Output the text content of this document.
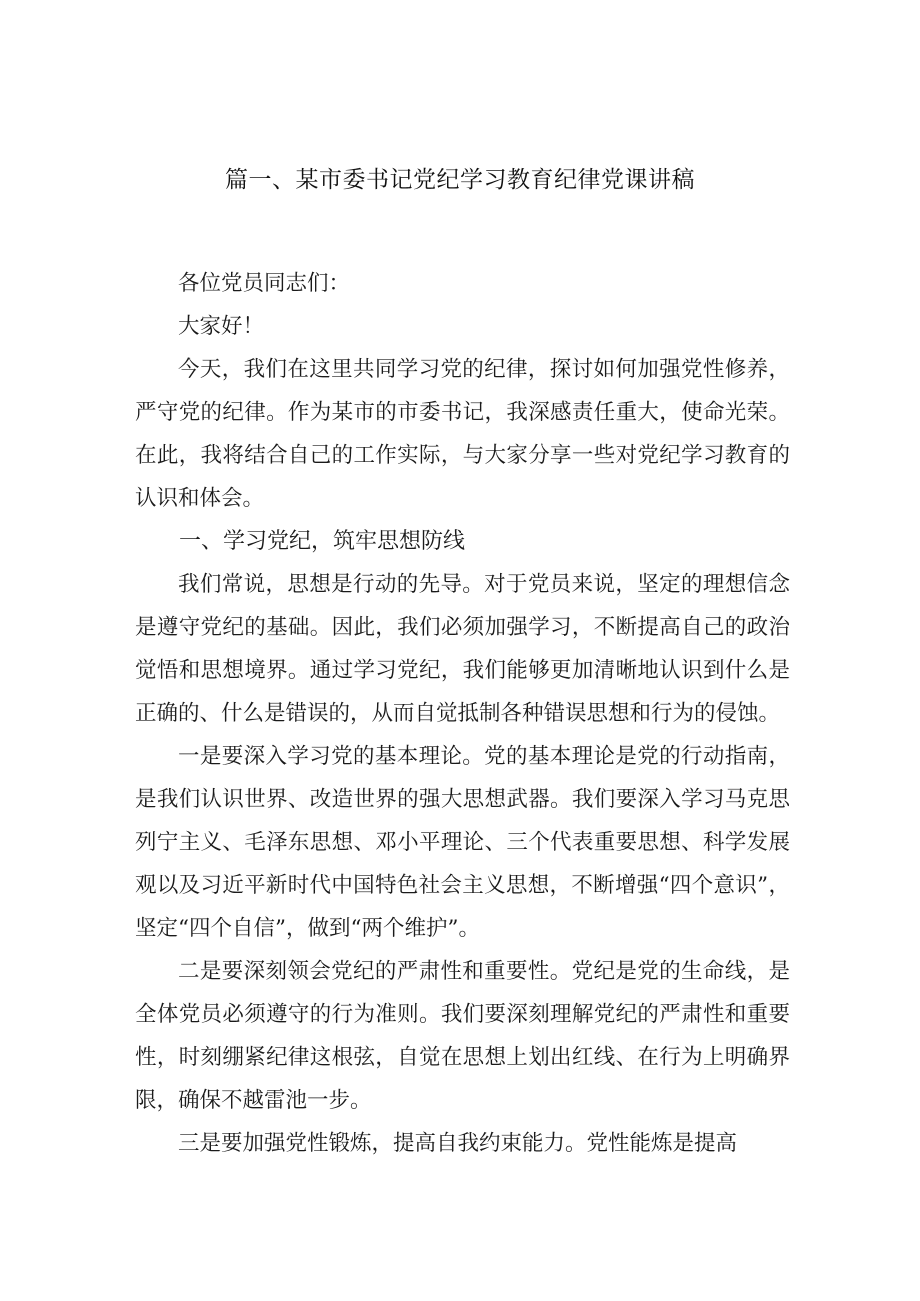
篇一、某市委书记党纪学习教育纪律党课讲稿

各位党员同志们：

大家好！

今天，我们在这里共同学习党的纪律，探讨如何加强党性修养，严守党的纪律。作为某市的市委书记，我深感责任重大，使命光荣。在此，我将结合自己的工作实际，与大家分享一些对党纪学习教育的认识和体会。

一、学习党纪，筑牢思想防线

我们常说，思想是行动的先导。对于党员来说，坚定的理想信念是遵守党纪的基础。因此，我们必须加强学习，不断提高自己的政治觉悟和思想境界。通过学习党纪，我们能够更加清晰地认识到什么是正确的、什么是错误的，从而自觉抵制各种错误思想和行为的侵蚀。

一是要深入学习党的基本理论。党的基本理论是党的行动指南，是我们认识世界、改造世界的强大思想武器。我们要深入学习马克思列宁主义、毛泽东思想、邓小平理论、三个代表重要思想、科学发展观以及习近平新时代中国特色社会主义思想，不断增强“四个意识”，坚定“四个自信”，做到“两个维护”。

二是要深刻领会党纪的严肃性和重要性。党纪是党的生命线，是全体党员必须遵守的行为准则。我们要深刻理解党纪的严肃性和重要性，时刻绷紧纪律这根弦，自觉在思想上划出红线、在行为上明确界限，确保不越雷池一步。

三是要加强党性锻炼，提高自我约束能力。党性能炼是提高
